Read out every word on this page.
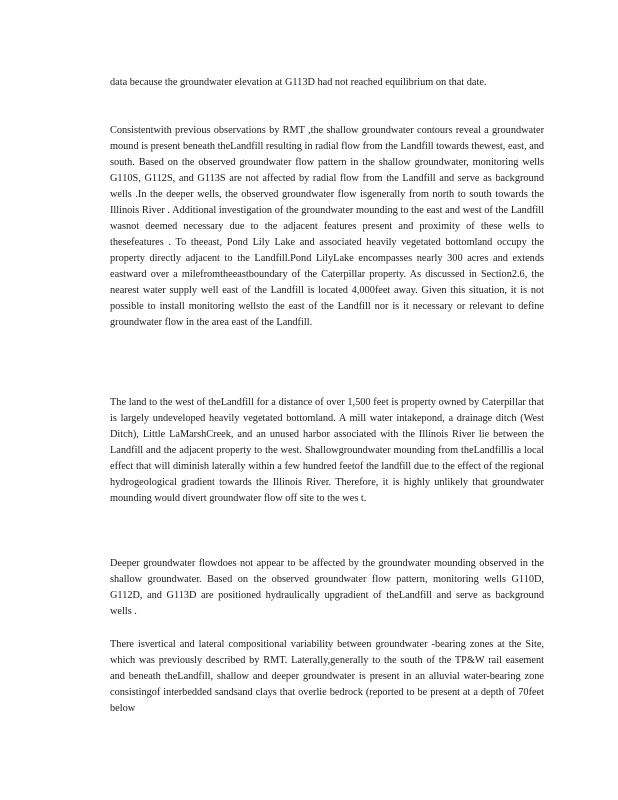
data because the groundwater elevation at G113D had not reached equilibrium on that date.

Consistentwith previous observations by RMT ,the shallow groundwater contours reveal a groundwater mound is present beneath theLandfill resulting in radial flow from the Landfill towards thewest, east, and south. Based on the observed groundwater flow pattern in the shallow groundwater, monitoring wells G110S, G112S, and G113S are not affected by radial flow from the Landfill and serve as background wells .In the deeper wells, the observed groundwater flow isgenerally from north to south towards the Illinois River . Additional investigation of the groundwater mounding to the east and west of the Landfill wasnot deemed necessary due to the adjacent features present and proximity of these wells to thesefeatures . To theeast, Pond Lily Lake and associated heavily vegetated bottomland occupy the property directly adjacent to the Landfill.Pond LilyLake encompasses nearly 300 acres and extends eastward over a milefromtheeastboundary of the Caterpillar property. As discussed in Section2.6, the nearest water supply well east of the Landfill is located 4,000feet away. Given this situation, it is not possible to install monitoring wellsto the east of the Landfill nor is it necessary or relevant to define groundwater flow in the area east of the Landfill.

The land to the west of theLandfill for a distance of over 1,500 feet is property owned by Caterpillar that is largely undeveloped heavily vegetated bottomland. A mill water intakepond, a drainage ditch (West Ditch), Little LaMarshCreek, and an unused harbor associated with the Illinois River lie between the Landfill and the adjacent property to the west. Shallowgroundwater mounding from theLandfillis a local effect that will diminish laterally within a few hundred feetof the landfill due to the effect of the regional hydrogeological gradient towards the Illinois River. Therefore, it is highly unlikely that groundwater mounding would divert groundwater flow off site to the wes t.

Deeper groundwater flowdoes not appear to be affected by the groundwater mounding observed in the shallow groundwater. Based on the observed groundwater flow pattern, monitoring wells G110D, G112D, and G113D are positioned hydraulically upgradient of theLandfill and serve as background wells .

There isvertical and lateral compositional variability between groundwater -bearing zones at the Site, which was previously described by RMT. Laterally,generally to the south of the TP&W rail easement and beneath theLandfill, shallow and deeper groundwater is present in an alluvial water-bearing zone consistingof interbedded sandsand clays that overlie bedrock (reported to be present at a depth of 70feet below
